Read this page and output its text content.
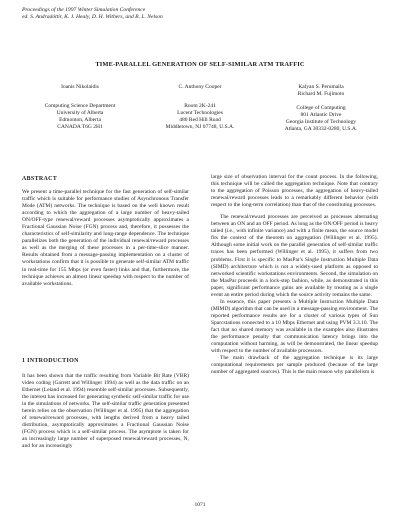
Proceedings of the 1997 Winter Simulation Conference
ed. S. Andradóttir, K. J. Healy, D. H. Withers, and B. L. Nelson
TIME-PARALLEL GENERATION OF SELF-SIMILAR ATM TRAFFIC
Ioanis Nikolaidis
Computing Science Department
University of Alberta
Edmonton, Alberta
CANADA T6G 2H1
C. Anthony Cooper
Room 2K-241
Lucent Technologies
480 Red Hill Road
Middletown, NJ 07748, U.S.A.
Kalyan S. Perumalla
Richard M. Fujimoto
College of Computing
801 Atlantic Drive
Georgia Institute of Technology
Atlanta, GA 30332-0280, U.S.A.
ABSTRACT

We present a time-parallel technique for the fast generation of self-similar traffic which is suitable for performance studies of Asynchronous Transfer Mode (ATM) networks. The technique is based on the well known result according to which the aggregation of a large number of heavy-tailed ON/OFF-type renewal/reward processes asymptotically approximates a Fractional Gaussian Noise (FGN) process and, therefore, it possesses the characteristics of self-similarity and long-range dependence. The technique parallelizes both the generation of the individual renewal/reward processes as well as the merging of these processes in a per-time-slice manner. Results obtained from a message-passing implementation on a cluster of workstations confirm that it is possible to generate self-similar ATM traffic in real-time for 155 Mbps (or even faster) links and that, furthermore, the technique achieves an almost linear speedup with respect to the number of available workstations.

1 INTRODUCTION

It has been shown that the traffic resulting from Variable Bit Rate (VBR) video coding (Garrett and Willinger 1994) as well as the data traffic on an Ethernet (Leland et al. 1994) resemble self-similar processes. Subsequently, the interest has increased for generating synthetic self-similar traffic for use in the simulations of networks. The self-similar traffic generation presented herein relies on the observation (Willinger et al. 1995) that the aggregation of renewal/reward processes, with lengths derived from a heavy tailed distribution, asymptotically approximates a Fractional Gaussian Noise (FGN) process which is a self-similar process. The asymptote is taken for an increasingly large number of superposed renewal/reward processes, N, and for an increasingly

large size of observation interval for the count process. In the following, this technique will be called the aggregation technique. Note that contrary to the aggregation of Poisson processes, the aggregation of heavy-tailed renewal/reward processes leads to a remarkably different behavior (with respect to the long-term correlation) than that of the constituting processes.

The renewal/reward processes are perceived as processes alternating between an ON and an OFF period. As long as the ON/OFF period is heavy tailed (i.e., with infinite variance) and with a finite mean, the source model fits the context of the theorem on aggregation (Willinger et al. 1995). Although some initial work on the parallel generation of self-similar traffic traces has been performed (Willinger et al. 1995), it suffers from two problems. First it is specific to MasPar's Single Instruction Multiple Data (SIMD) architecture which is not a widely-used platform as opposed to networked scientific workstations environments. Second, the simulation on the MasPar proceeds in a lock-step fashion, while, as demonstrated in this paper, significant performance gains are available by treating as a single event an entire period during which the source activity remains the same.

In essence, this paper presents a Multiple Instruction Multiple Data (MIMD) algorithm that can be used in a message-passing environment. The reported performance results are for a cluster of various types of Sun Sparcstations connected to a 10 Mbps Ethernet and using PVM 3.3.10. The fact that no shared memory was available in the examples also illustrates the performance penalty that communication latency brings into the computation without harming, as will be demonstrated, the linear speedup with respect to the number of available processors.

The main drawback of the aggregation technique is its large computational requirements per sample produced (because of the large number of aggregated sources). This is the main reason why parallelism is

1071
